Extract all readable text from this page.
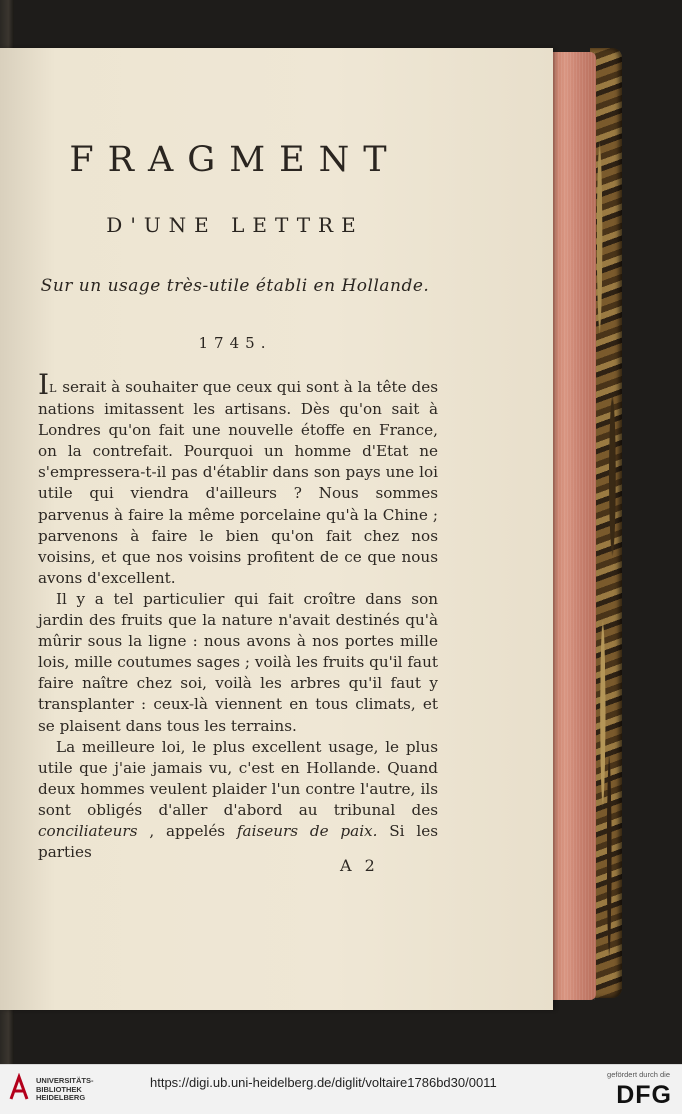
FRAGMENT
D'UNE LETTRE
Sur un usage très-utile établi en Hollande.
1745.

IL serait à souhaiter que ceux qui sont à la tête des nations imitassent les artisans. Dès qu'on sait à Londres qu'on fait une nouvelle étoffe en France, on la contrefait. Pourquoi un homme d'Etat ne s'empressera-t-il pas d'établir dans son pays une loi utile qui viendra d'ailleurs ? Nous sommes parvenus à faire la même porcelaine qu'à la Chine ; parvenons à faire le bien qu'on fait chez nos voisins, et que nos voisins profitent de ce que nous avons d'excellent.

Il y a tel particulier qui fait croître dans son jardin des fruits que la nature n'avait destinés qu'à mûrir sous la ligne : nous avons à nos portes mille lois, mille coutumes sages ; voilà les fruits qu'il faut faire naître chez soi, voilà les arbres qu'il faut y transplanter : ceux-là viennent en tous climats, et se plaisent dans tous les terrains.

La meilleure loi, le plus excellent usage, le plus utile que j'aie jamais vu, c'est en Hollande. Quand deux hommes veulent plaider l'un contre l'autre, ils sont obligés d'aller d'abord au tribunal des conciliateurs , appelés faiseurs de paix. Si les parties

A 2
UNIVERSITÄTS-
BIBLIOTHEK
HEIDELBERG
https://digi.ub.uni-heidelberg.de/diglit/voltaire1786bd30/0011
gefördert durch die
DFG
